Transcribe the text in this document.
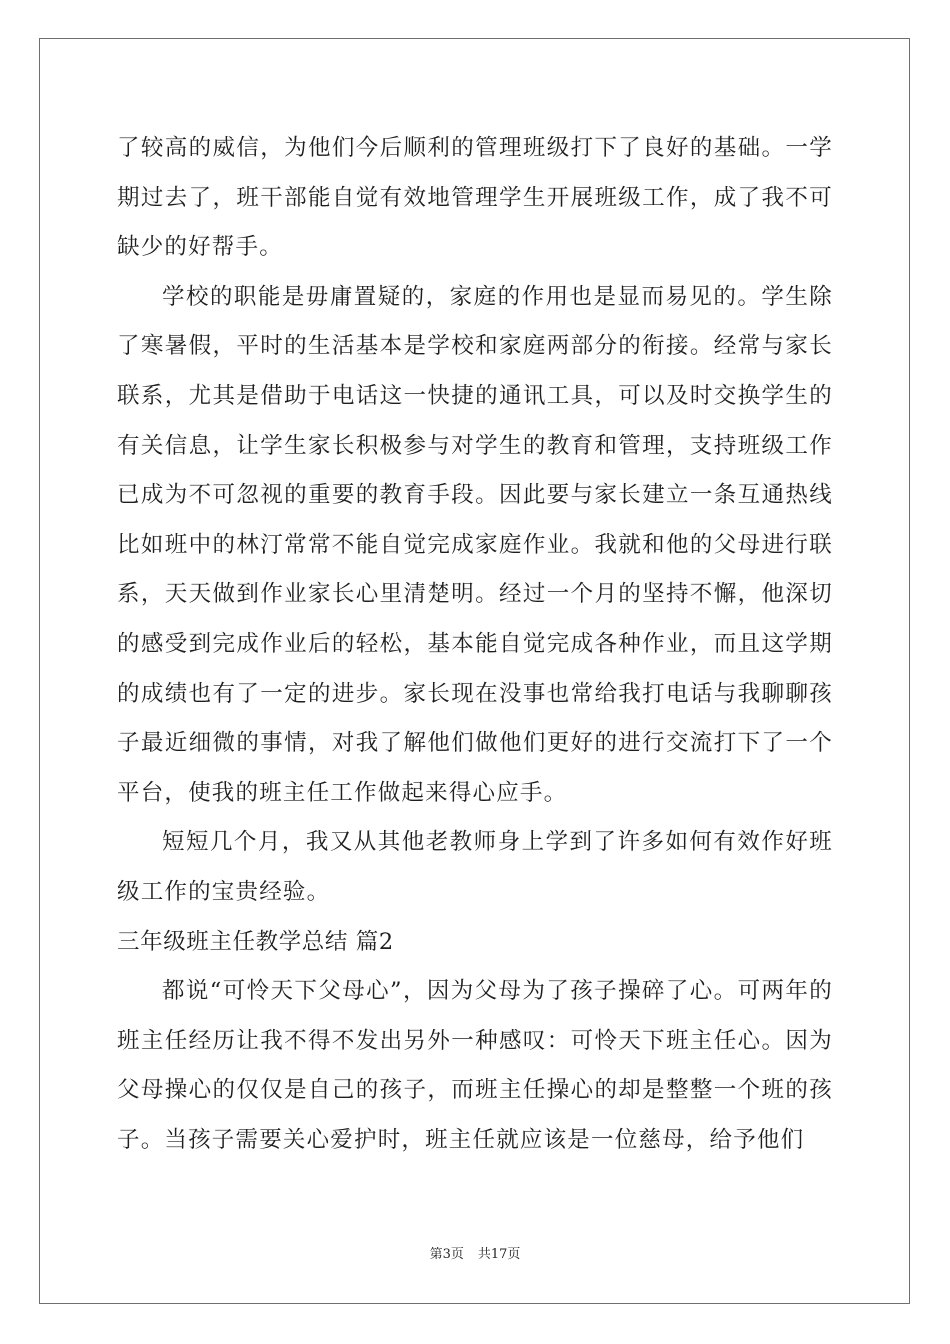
了较高的威信，为他们今后顺利的管理班级打下了良好的基础。一学期过去了，班干部能自觉有效地管理学生开展班级工作，成了我不可缺少的好帮手。

学校的职能是毋庸置疑的，家庭的作用也是显而易见的。学生除了寒暑假，平时的生活基本是学校和家庭两部分的衔接。经常与家长联系，尤其是借助于电话这一快捷的通讯工具，可以及时交换学生的有关信息，让学生家长积极参与对学生的教育和管理，支持班级工作已成为不可忽视的重要的教育手段。因此要与家长建立一条互通热线比如班中的林汀常常不能自觉完成家庭作业。我就和他的父母进行联系，天天做到作业家长心里清楚明。经过一个月的坚持不懈，他深切的感受到完成作业后的轻松，基本能自觉完成各种作业，而且这学期的成绩也有了一定的进步。家长现在没事也常给我打电话与我聊聊孩子最近细微的事情，对我了解他们做他们更好的进行交流打下了一个平台，使我的班主任工作做起来得心应手。

短短几个月，我又从其他老教师身上学到了许多如何有效作好班级工作的宝贵经验。

三年级班主任教学总结 篇2

都说“可怜天下父母心”，因为父母为了孩子操碎了心。可两年的班主任经历让我不得不发出另外一种感叹：可怜天下班主任心。因为父母操心的仅仅是自己的孩子，而班主任操心的却是整整一个班的孩子。当孩子需要关心爱护时，班主任就应该是一位慈母，给予他们

第3页 共17页
